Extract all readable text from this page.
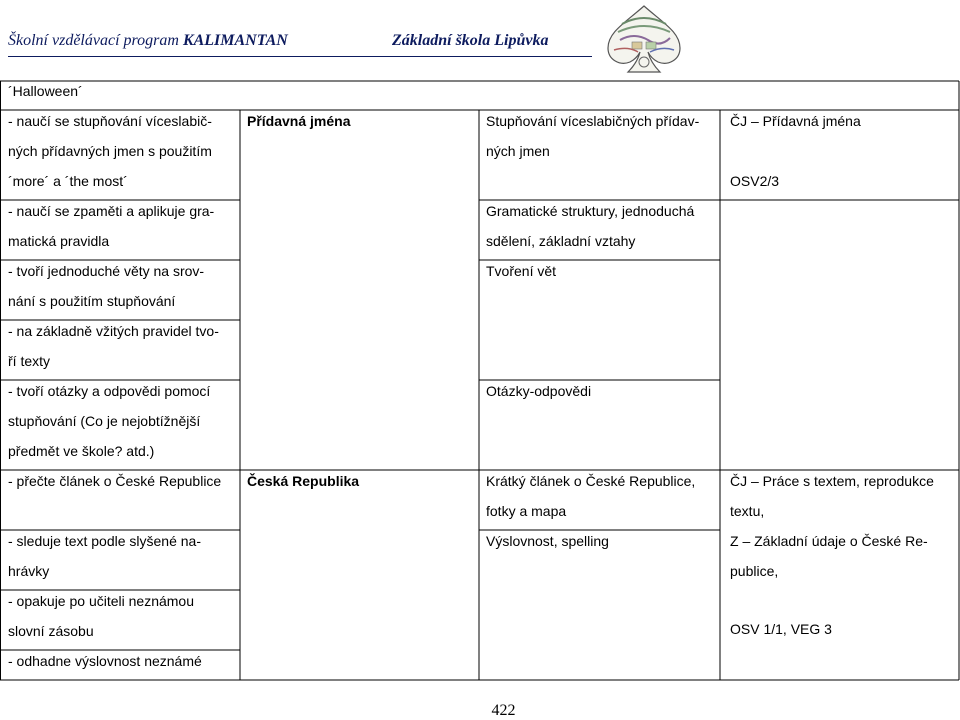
Školní vzdělávací program KALIMANTAN	Základní škola Lipůvka
´Halloween´
- naučí se stupňování víceslabič-
ných přídavných jmen s použitím
´more´ a ´the most´
- naučí se zpaměti a aplikuje gra-
matická pravidla
- tvoří jednoduché věty na srov-
nání s použitím stupňování
- na základně vžitých pravidel tvo-
ří texty
- tvoří otázky a odpovědi pomocí
stupňování (Co je nejobtížnější
předmět ve škole? atd.)
- přečte článek o České Republice
- sleduje text podle slyšené na-
hrávky
- opakuje po učiteli neznámou
slovní zásobu
- odhadne výslovnost neznámé
Přídavná jména
Česká Republika
Stupňování víceslabičných přídav-
ných jmen
Gramatické struktury, jednoduchá
sdělení, základní vztahy
Tvoření vět
Otázky-odpovědi
Krátký článek o České Republice,
fotky a mapa
Výslovnost, spelling
ČJ – Přídavná jména
OSV2/3
ČJ – Práce s textem, reprodukce
textu,
Z – Základní údaje o České Re-
publice,
OSV 1/1, VEG 3
422
